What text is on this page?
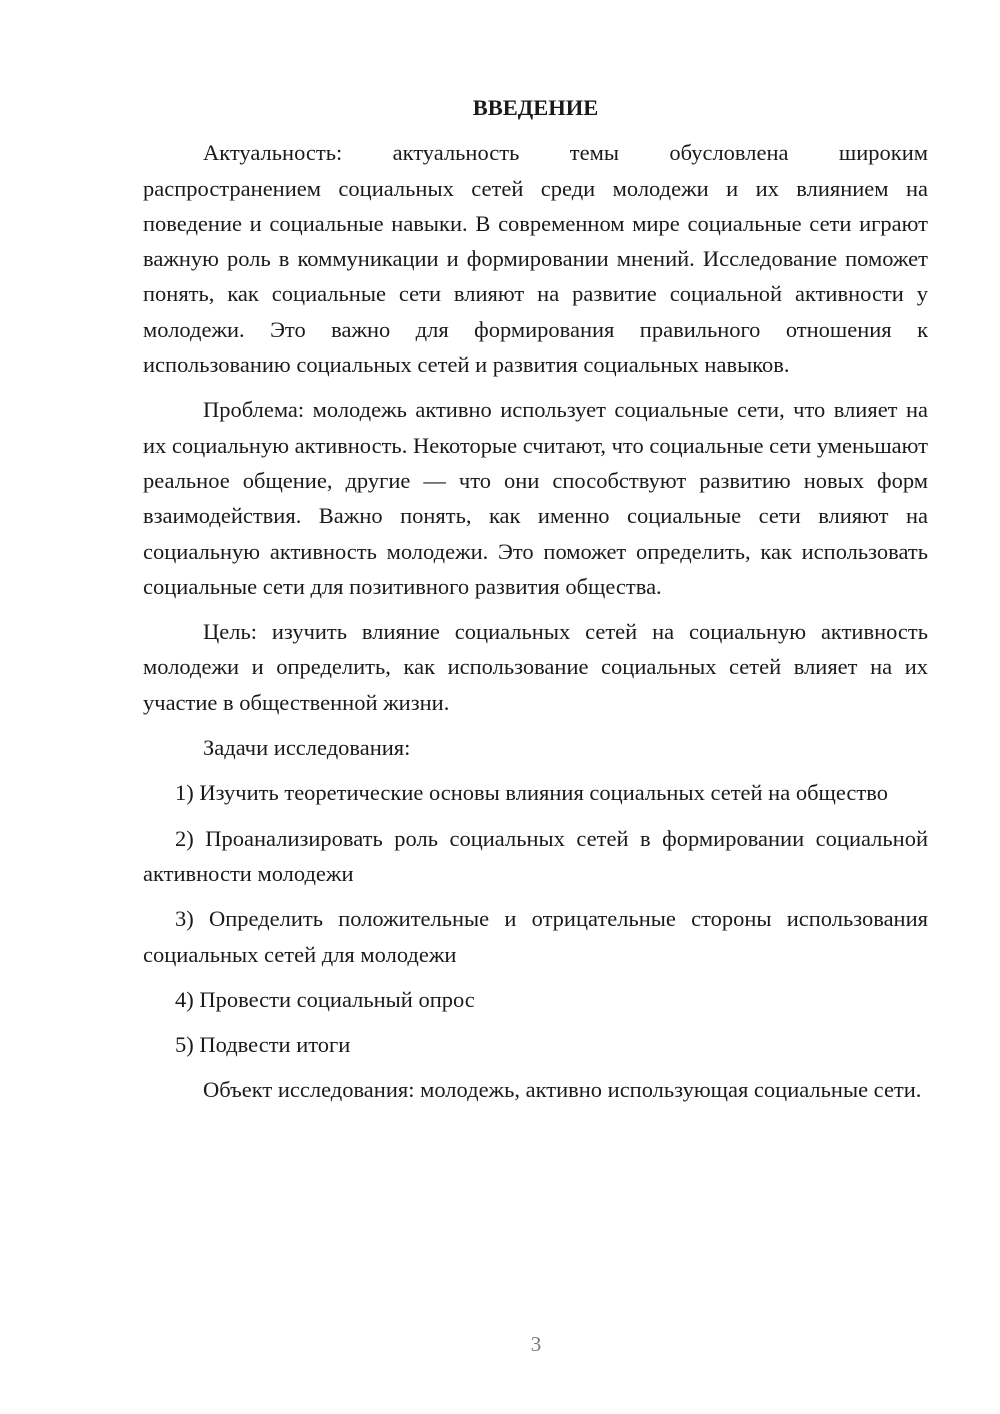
ВВЕДЕНИЕ

Актуальность: актуальность темы обусловлена широким распространением социальных сетей среди молодежи и их влиянием на поведение и социальные навыки. В современном мире социальные сети играют важную роль в коммуникации и формировании мнений. Исследование поможет понять, как социальные сети влияют на развитие социальной активности у молодежи. Это важно для формирования правильного отношения к использованию социальных сетей и развития социальных навыков.

Проблема: молодежь активно использует социальные сети, что влияет на их социальную активность. Некоторые считают, что социальные сети уменьшают реальное общение, другие — что они способствуют развитию новых форм взаимодействия. Важно понять, как именно социальные сети влияют на социальную активность молодежи. Это поможет определить, как использовать социальные сети для позитивного развития общества.

Цель: изучить влияние социальных сетей на социальную активность молодежи и определить, как использование социальных сетей влияет на их участие в общественной жизни.

Задачи исследования:

1) Изучить теоретические основы влияния социальных сетей на общество

2) Проанализировать роль социальных сетей в формировании социальной активности молодежи

3) Определить положительные и отрицательные стороны использования социальных сетей для молодежи

4) Провести социальный опрос

5) Подвести итоги

Объект исследования: молодежь, активно использующая социальные сети.

3
